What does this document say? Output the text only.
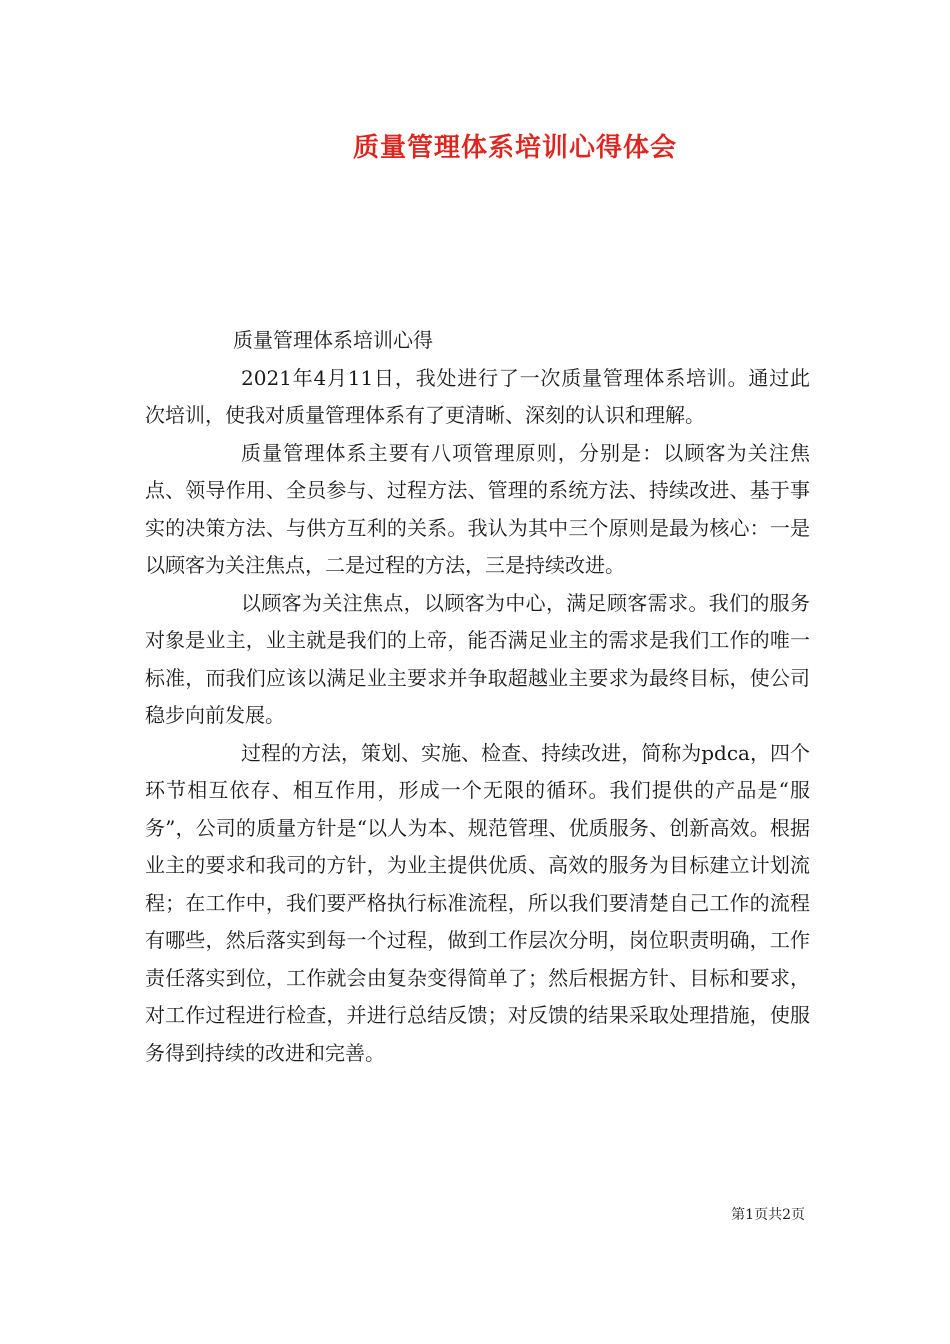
质量管理体系培训心得体会

质量管理体系培训心得

2021年4月11日，我处进行了一次质量管理体系培训。通过此次培训，使我对质量管理体系有了更清晰、深刻的认识和理解。

质量管理体系主要有八项管理原则，分别是：以顾客为关注焦点、领导作用、全员参与、过程方法、管理的系统方法、持续改进、基于事实的决策方法、与供方互利的关系。我认为其中三个原则是最为核心：一是以顾客为关注焦点，二是过程的方法，三是持续改进。

以顾客为关注焦点，以顾客为中心，满足顾客需求。我们的服务对象是业主，业主就是我们的上帝，能否满足业主的需求是我们工作的唯一标准，而我们应该以满足业主要求并争取超越业主要求为最终目标，使公司稳步向前发展。

过程的方法，策划、实施、检查、持续改进，简称为pdca，四个环节相互依存、相互作用，形成一个无限的循环。我们提供的产品是“服务”，公司的质量方针是“以人为本、规范管理、优质服务、创新高效。根据业主的要求和我司的方针，为业主提供优质、高效的服务为目标建立计划流程；在工作中，我们要严格执行标准流程，所以我们要清楚自己工作的流程有哪些，然后落实到每一个过程，做到工作层次分明，岗位职责明确，工作责任落实到位，工作就会由复杂变得简单了；然后根据方针、目标和要求，对工作过程进行检查，并进行总结反馈；对反馈的结果采取处理措施，使服务得到持续的改进和完善。

第1页共2页
